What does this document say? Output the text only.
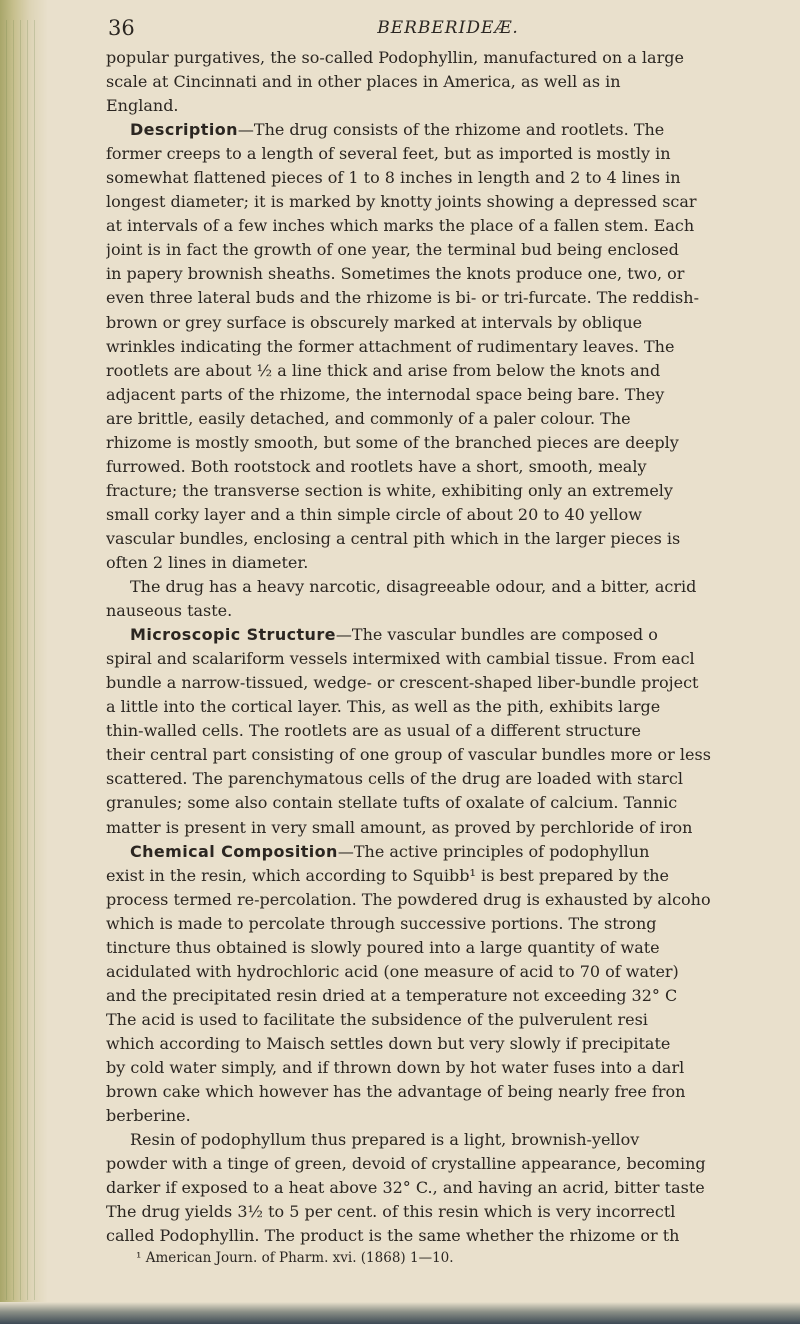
36	BERBERIDEÆ.
popular purgatives, the so-called Podophyllin, manufactured on a large
scale at Cincinnati and in other places in America, as well as in
England.
Description—The drug consists of the rhizome and rootlets. The
former creeps to a length of several feet, but as imported is mostly in
somewhat flattened pieces of 1 to 8 inches in length and 2 to 4 lines in
longest diameter; it is marked by knotty joints showing a depressed scar
at intervals of a few inches which marks the place of a fallen stem. Each
joint is in fact the growth of one year, the terminal bud being enclosed
in papery brownish sheaths. Sometimes the knots produce one, two, or
even three lateral buds and the rhizome is bi- or tri-furcate. The reddish-
brown or grey surface is obscurely marked at intervals by oblique
wrinkles indicating the former attachment of rudimentary leaves. The
rootlets are about ½ a line thick and arise from below the knots and
adjacent parts of the rhizome, the internodal space being bare. They
are brittle, easily detached, and commonly of a paler colour. The
rhizome is mostly smooth, but some of the branched pieces are deeply
furrowed. Both rootstock and rootlets have a short, smooth, mealy
fracture; the transverse section is white, exhibiting only an extremely
small corky layer and a thin simple circle of about 20 to 40 yellow
vascular bundles, enclosing a central pith which in the larger pieces is
often 2 lines in diameter.
The drug has a heavy narcotic, disagreeable odour, and a bitter, acrid
nauseous taste.
Microscopic Structure—The vascular bundles are composed o
spiral and scalariform vessels intermixed with cambial tissue. From eacl
bundle a narrow-tissued, wedge- or crescent-shaped liber-bundle project
a little into the cortical layer. This, as well as the pith, exhibits large
thin-walled cells. The rootlets are as usual of a different structure
their central part consisting of one group of vascular bundles more or less
scattered. The parenchymatous cells of the drug are loaded with starcl
granules; some also contain stellate tufts of oxalate of calcium. Tannic
matter is present in very small amount, as proved by perchloride of iron
Chemical Composition—The active principles of podophyllun
exist in the resin, which according to Squibb¹ is best prepared by the
process termed re-percolation. The powdered drug is exhausted by alcoho
which is made to percolate through successive portions. The strong
tincture thus obtained is slowly poured into a large quantity of wate
acidulated with hydrochloric acid (one measure of acid to 70 of water)
and the precipitated resin dried at a temperature not exceeding 32° C
The acid is used to facilitate the subsidence of the pulverulent resi
which according to Maisch settles down but very slowly if precipitate
by cold water simply, and if thrown down by hot water fuses into a darl
brown cake which however has the advantage of being nearly free fron
berberine.
Resin of podophyllum thus prepared is a light, brownish-yellov
powder with a tinge of green, devoid of crystalline appearance, becoming
darker if exposed to a heat above 32° C., and having an acrid, bitter taste
The drug yields 3½ to 5 per cent. of this resin which is very incorrectl
called Podophyllin. The product is the same whether the rhizome or th
¹ American Journ. of Pharm. xvi. (1868) 1—10.
